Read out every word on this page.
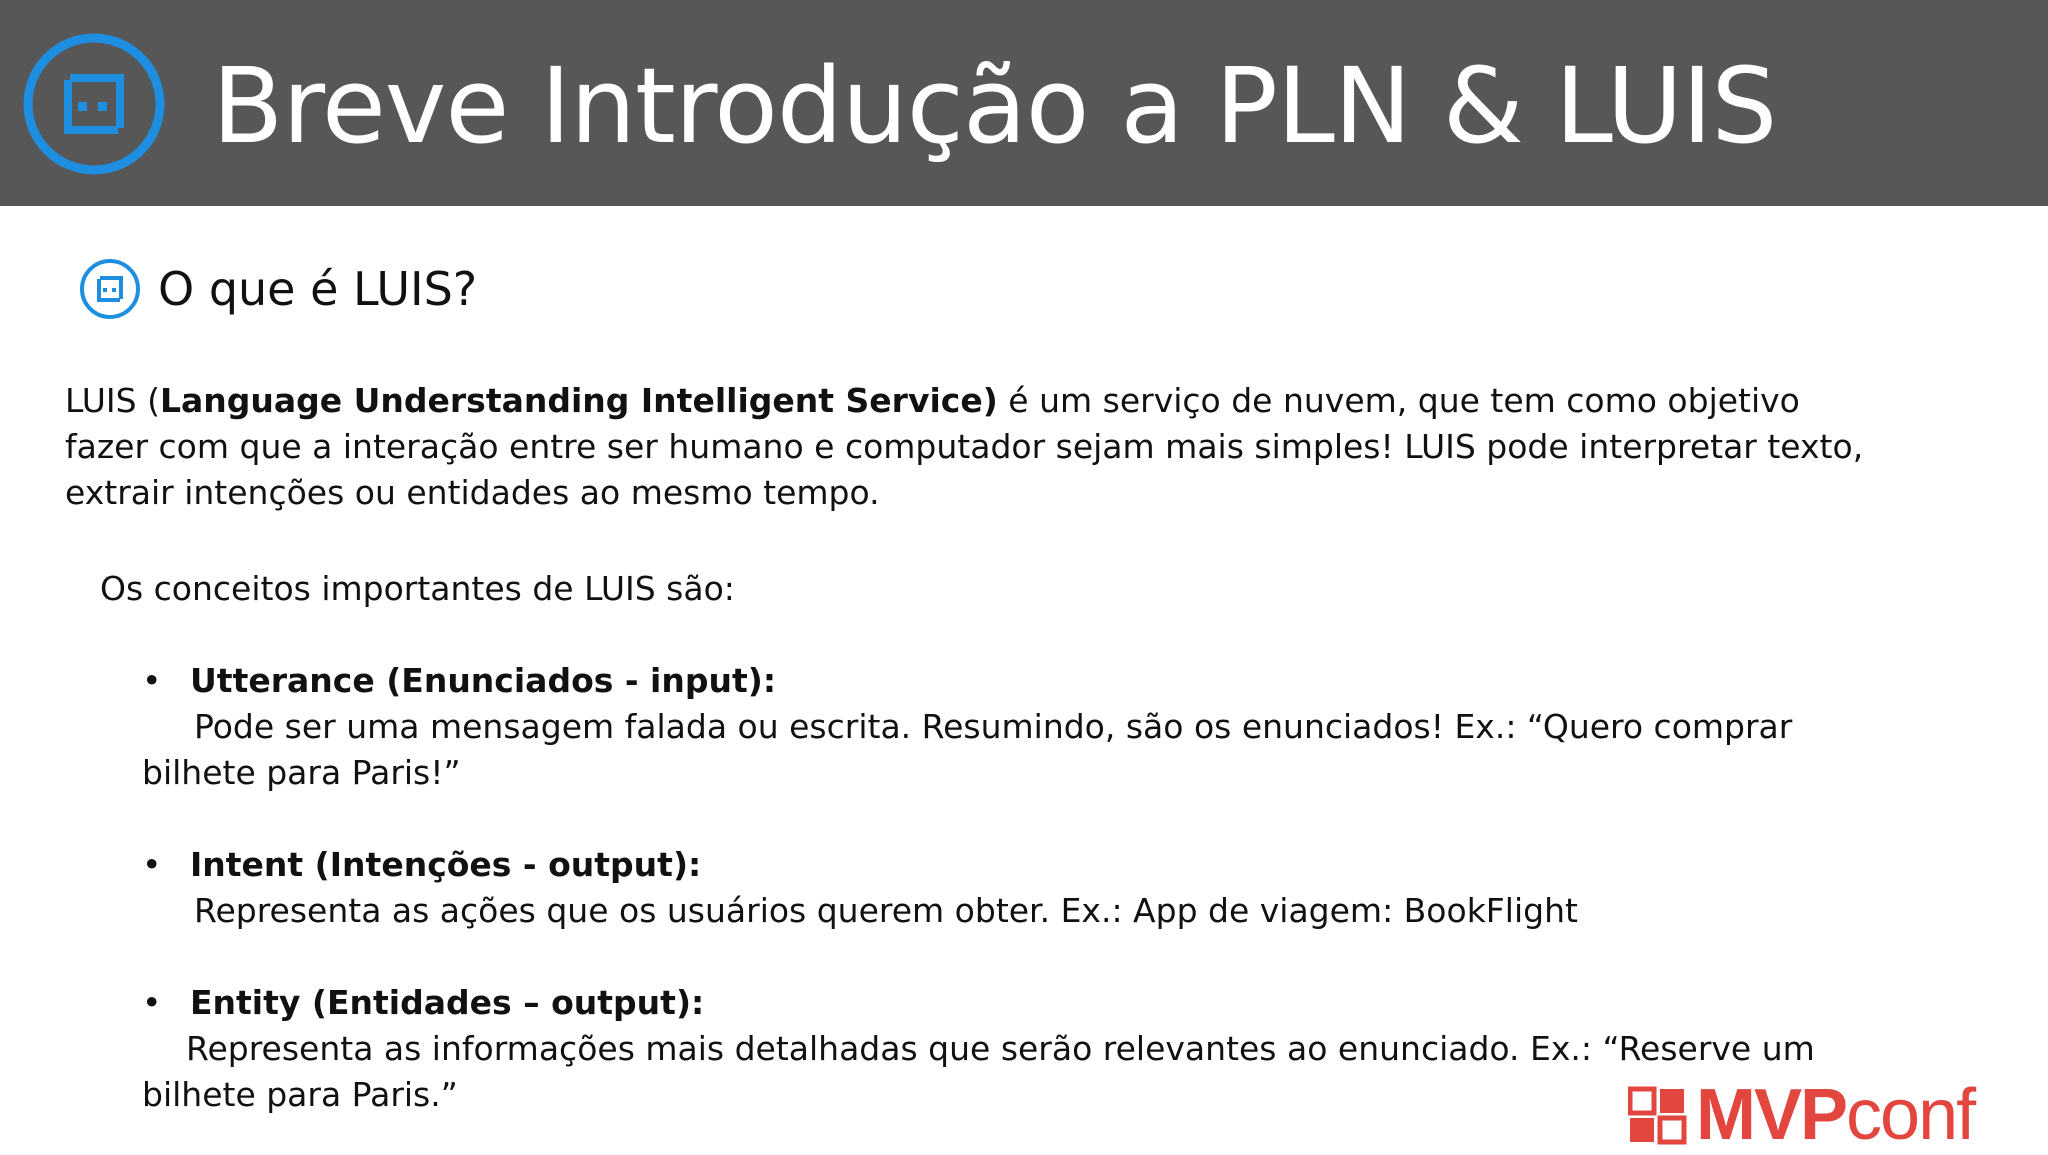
Breve Introdução a PLN & LUIS
O que é LUIS?

LUIS (Language Understanding Intelligent Service) é um serviço de nuvem, que tem como objetivo fazer com que a interação entre ser humano e computador sejam mais simples! LUIS pode interpretar texto, extrair intenções ou entidades ao mesmo tempo.

Os conceitos importantes de LUIS são:

• Utterance (Enunciados - input):
Pode ser uma mensagem falada ou escrita. Resumindo, são os enunciados! Ex.: “Quero comprar bilhete para Paris!”
• Intent (Intenções - output):
Representa as ações que os usuários querem obter. Ex.: App de viagem: BookFlight
• Entity (Entidades – output):
Representa as informações mais detalhadas que serão relevantes ao enunciado. Ex.: “Reserve um bilhete para Paris.”	MVPconf
